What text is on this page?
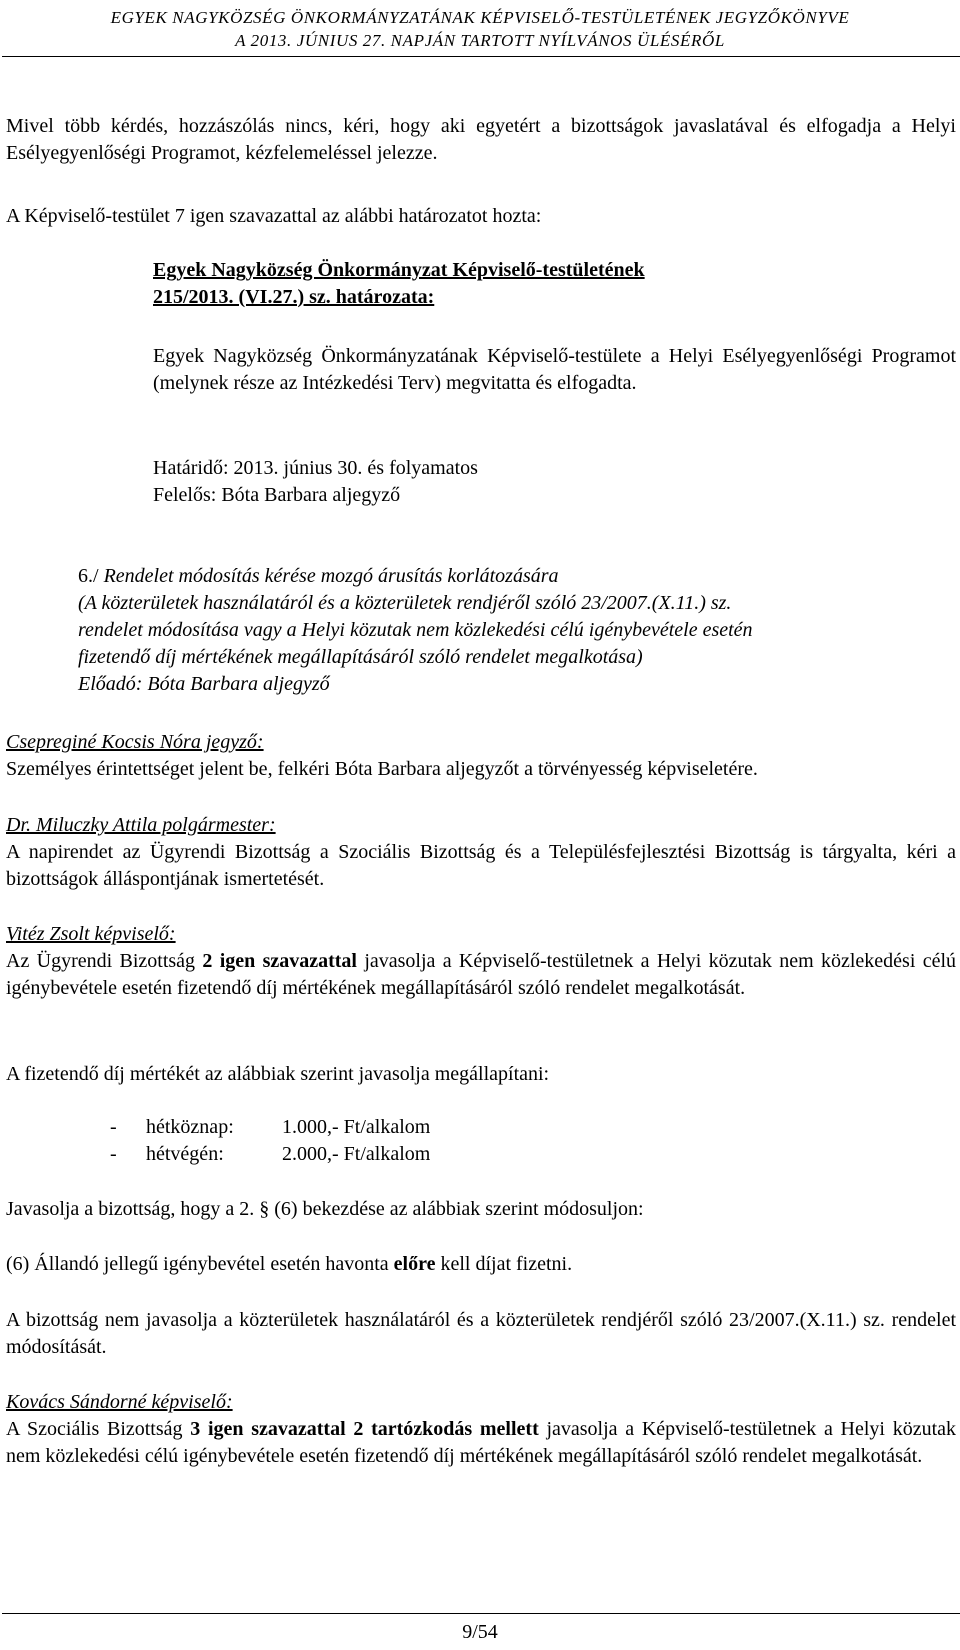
EGYEK NAGYKÖZSÉG ÖNKORMÁNYZATÁNAK KÉPVISELŐ-TESTÜLETÉNEK JEGYZŐKÖNYVE
A 2013. JÚNIUS 27. NAPJÁN TARTOTT NYÍLVÁNOS ÜLÉSÉRŐL

Mivel több kérdés, hozzászólás nincs, kéri, hogy aki egyetért a bizottságok javaslatával és elfogadja a Helyi Esélyegyenlőségi Programot, kézfelemeléssel jelezze.

A Képviselő-testület 7 igen szavazattal az alábbi határozatot hozta:

Egyek Nagyközség Önkormányzat Képviselő-testületének
215/2013. (VI.27.) sz. határozata:

Egyek Nagyközség Önkormányzatának Képviselő-testülete a Helyi Esélyegyenlőségi Programot (melynek része az Intézkedési Terv) megvitatta és elfogadta.

Határidő: 2013. június 30. és folyamatos

Felelős: Bóta Barbara aljegyző

6./ Rendelet módosítás kérése mozgó árusítás korlátozására

(A közterületek használatáról és a közterületek rendjéről szóló 23/2007.(X.11.) sz.

rendelet módosítása vagy a Helyi közutak nem közlekedési célú igénybevétele esetén

fizetendő díj mértékének megállapításáról szóló rendelet megalkotása)

Előadó: Bóta Barbara aljegyző

Csepreginé Kocsis Nóra jegyző:

Személyes érintettséget jelent be, felkéri Bóta Barbara aljegyzőt a törvényesség képviseletére.

Dr. Miluczky Attila polgármester:

A napirendet az Ügyrendi Bizottság a Szociális Bizottság és a Településfejlesztési Bizottság is tárgyalta, kéri a bizottságok álláspontjának ismertetését.

Vitéz Zsolt képviselő:

Az Ügyrendi Bizottság 2 igen szavazattal javasolja a Képviselő-testületnek a Helyi közutak nem közlekedési célú igénybevétele esetén fizetendő díj mértékének megállapításáról szóló rendelet megalkotását.

A fizetendő díj mértékét az alábbiak szerint javasolja megállapítani:

- hétköznap: 1.000,- Ft/alkalom
- hétvégén:	2.000,- Ft/alkalom

Javasolja a bizottság, hogy a 2. § (6) bekezdése az alábbiak szerint módosuljon:

(6) Állandó jellegű igénybevétel esetén havonta előre kell díjat fizetni.

A bizottság nem javasolja a közterületek használatáról és a közterületek rendjéről szóló 23/2007.(X.11.) sz. rendelet módosítását.

Kovács Sándorné képviselő:

A Szociális Bizottság 3 igen szavazattal 2 tartózkodás mellett javasolja a Képviselő-testületnek a Helyi közutak nem közlekedési célú igénybevétele esetén fizetendő díj mértékének megállapításáról szóló rendelet megalkotását.

9/54
